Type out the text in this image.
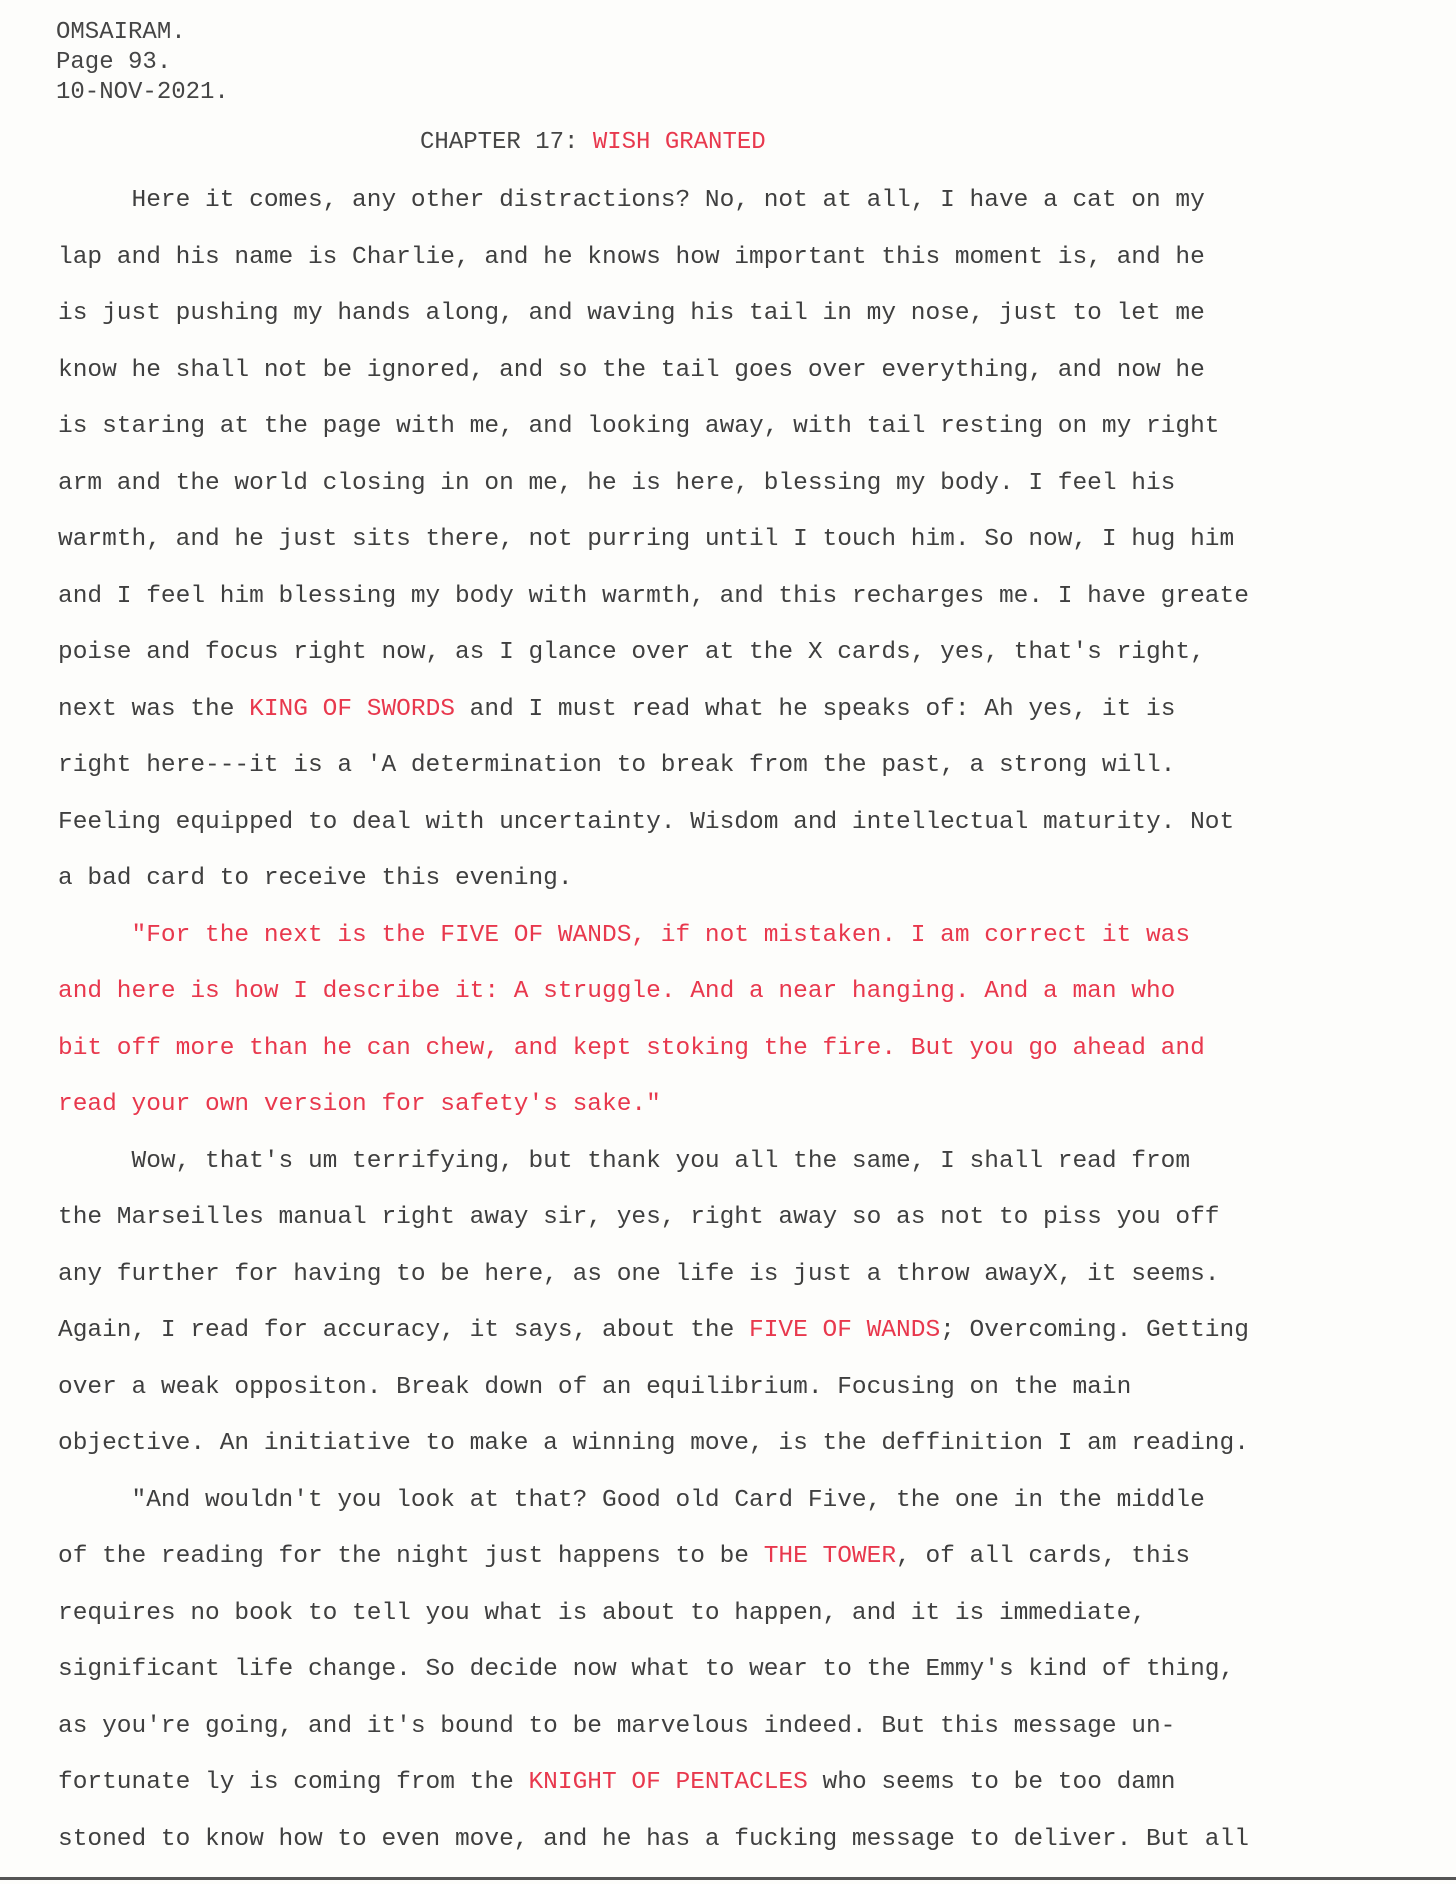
OMSAIRAM.
Page 93.
10-NOV-2021.
CHAPTER 17: WISH GRANTED
Here it comes, any other distractions? No, not at all, I have a cat on my
lap and his name is Charlie, and he knows how important this moment is, and he
is just pushing my hands along, and waving his tail in my nose, just to let me
know he shall not be ignored, and so the tail goes over everything, and now he
is staring at the page with me, and looking away, with tail resting on my right
arm and the world closing in on me, he is here, blessing my body. I feel his
warmth, and he just sits there, not purring until I touch him. So now, I hug him
and I feel him blessing my body with warmth, and this recharges me. I have greate
poise and focus right now, as I glance over at the X cards, yes, that's right,
next was the KING OF SWORDS and I must read what he speaks of: Ah yes, it is
right here---it is a 'A determination to break from the past, a strong will.
Feeling equipped to deal with uncertainty. Wisdom and intellectual maturity. Not
a bad card to receive this evening.
"For the next is the FIVE OF WANDS, if not mistaken. I am correct it was
and here is how I describe it: A struggle. And a near hanging. And a man who
bit off more than he can chew, and kept stoking the fire. But you go ahead and
read your own version for safety's sake."
Wow, that's um terrifying, but thank you all the same, I shall read from
the Marseilles manual right away sir, yes, right away so as not to piss you off
any further for having to be here, as one life is just a throw awayX, it seems.
Again, I read for accuracy, it says, about the FIVE OF WANDS; Overcoming. Getting
over a weak oppositon. Break down of an equilibrium. Focusing on the main
objective. An initiative to make a winning move, is the deffinition I am reading.
"And wouldn't you look at that? Good old Card Five, the one in the middle
of the reading for the night just happens to be THE TOWER, of all cards, this
requires no book to tell you what is about to happen, and it is immediate,
significant life change. So decide now what to wear to the Emmy's kind of thing,
as you're going, and it's bound to be marvelous indeed. But this message un-
fortunate ly is coming from the KNIGHT OF PENTACLES who seems to be too damn
stoned to know how to even move, and he has a fucking message to deliver. But all
